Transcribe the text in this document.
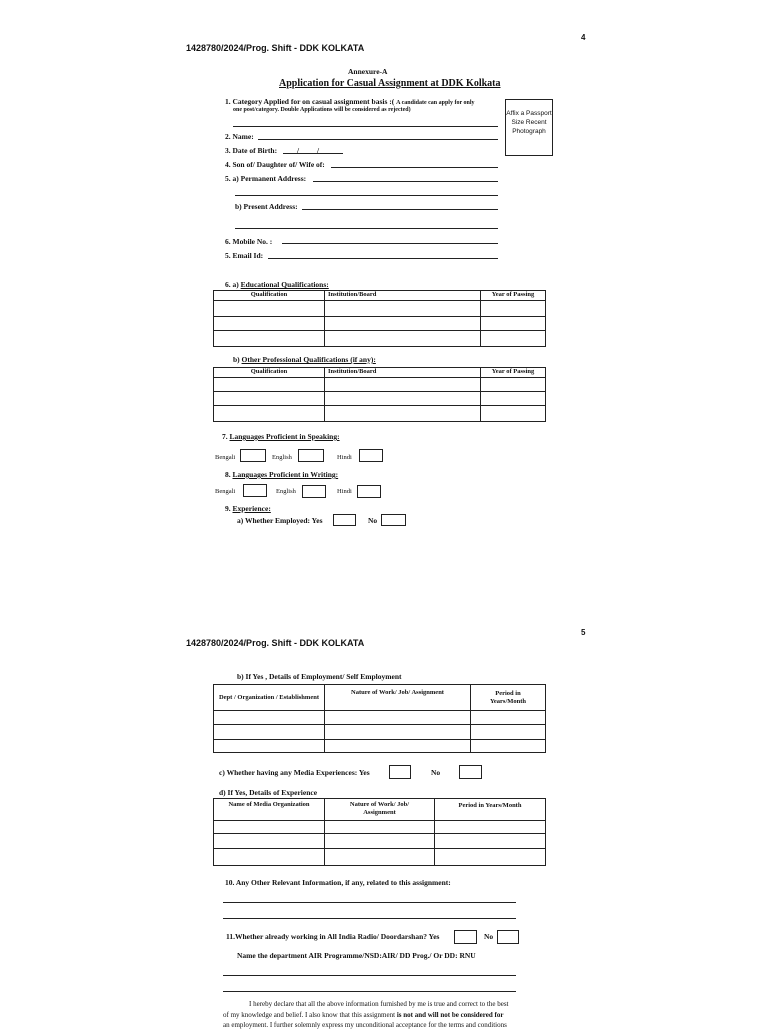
4
1428780/2024/Prog. Shift - DDK KOLKATA
Annexure-A
Application for Casual Assignment at DDK Kolkata
Affix a Passport Size Recent Photograph
1. Category Applied for on casual assignment basis :( A candidate can apply for only
one post/category. Double Applications will be considered as rejected)
2. Name:
3. Date of Birth:	/ /
4. Son of/ Daughter of/ Wife of:
5. a) Permanent Address:
b) Present Address:
6. Mobile No. :
5. Email Id:
6. a) Educational Qualifications:
Qualification	Institution/Board	Year of Passing

b) Other Professional Qualifications (if any):
Qualification	Institution/Board	Year of Passing

7. Languages Proficient in Speaking:
Bengali	English	Hindi
8. Languages Proficient in Writing:
Bengali	English	Hindi
9. Experience:
a) Whether Employed: Yes	No
5
1428780/2024/Prog. Shift - DDK KOLKATA
b) If Yes , Details of Employment/ Self Employment
Dept / Organization / Establishment	Nature of Work/ Job/ Assignment	Period in Years/Month

c) Whether having any Media Experiences: Yes	No
d) If Yes, Details of Experience
Name of Media Organization	Nature of Work/ Job/ Assignment	Period in Years/Month

10. Any Other Relevant Information, if any, related to this assignment:
11.Whether already working in All India Radio/ Doordarshan? Yes	No
Name the department AIR Programme/NSD:AIR/ DD Prog./ Or DD: RNU
I hereby declare that all the above information furnished by me is true and correct to the best
of my knowledge and belief. I also know that this assignment is not and will not be considered for
an employment. I further solemnly express my unconditional acceptance for the terms and conditions
